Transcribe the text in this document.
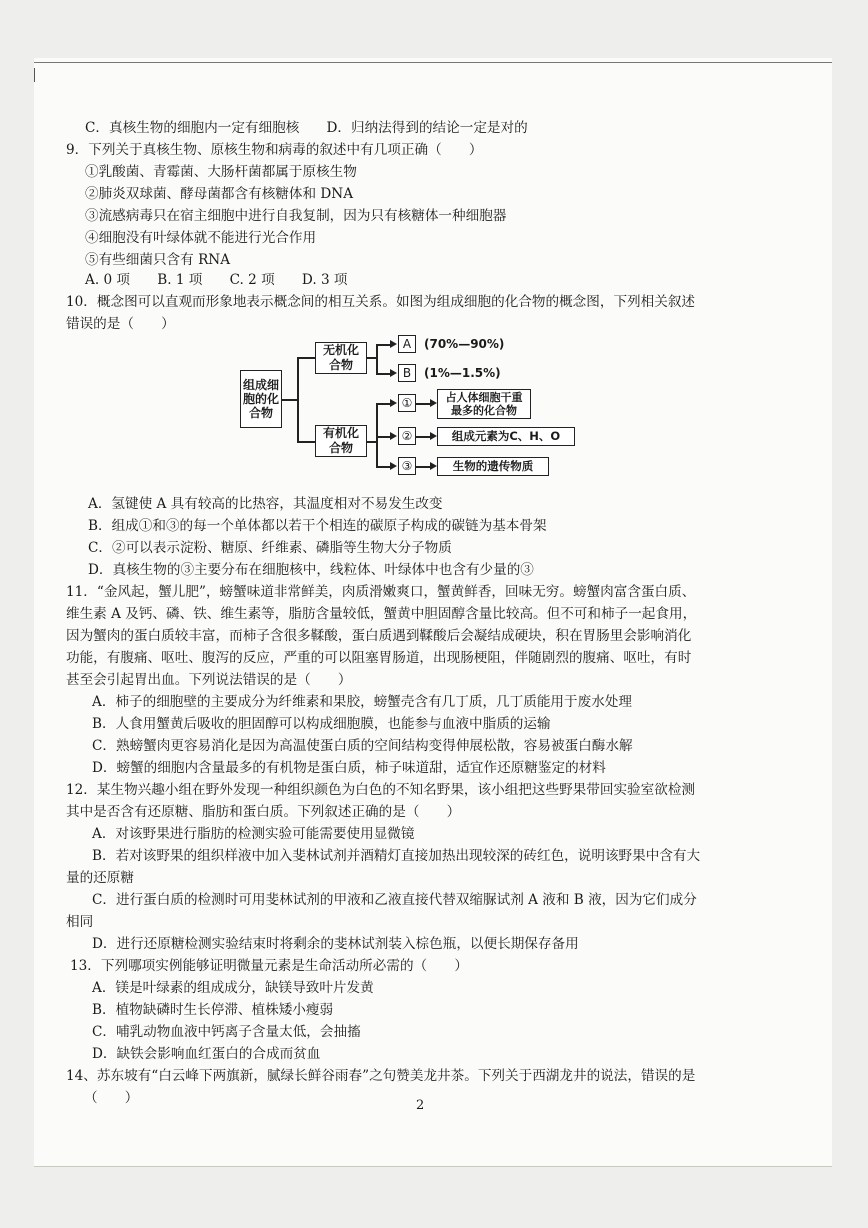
C．真核生物的细胞内一定有细胞核　　D．归纳法得到的结论一定是对的
9．下列关于真核生物、原核生物和病毒的叙述中有几项正确（　　）
①乳酸菌、青霉菌、大肠杆菌都属于原核生物
②肺炎双球菌、酵母菌都含有核糖体和 DNA
③流感病毒只在宿主细胞中进行自我复制，因为只有核糖体一种细胞器
④细胞没有叶绿体就不能进行光合作用
⑤有些细菌只含有 RNA
A. 0 项　　B. 1 项　　C. 2 项　　D. 3 项
10．概念图可以直观而形象地表示概念间的相互关系。如图为组成细胞的化合物的概念图，下列相关叙述
错误的是（　　）
A．氢键使 A 具有较高的比热容，其温度相对不易发生改变
B．组成①和③的每一个单体都以若干个相连的碳原子构成的碳链为基本骨架
C．②可以表示淀粉、糖原、纤维素、磷脂等生物大分子物质
D．真核生物的③主要分布在细胞核中，线粒体、叶绿体中也含有少量的③
11．“金风起，蟹儿肥”，螃蟹味道非常鲜美，肉质滑嫩爽口，蟹黄鲜香，回味无穷。螃蟹肉富含蛋白质、
维生素 A 及钙、磷、铁、维生素等，脂肪含量较低，蟹黄中胆固醇含量比较高。但不可和柿子一起食用，
因为蟹肉的蛋白质较丰富，而柿子含很多鞣酸，蛋白质遇到鞣酸后会凝结成硬块，积在胃肠里会影响消化
功能，有腹痛、呕吐、腹泻的反应，严重的可以阻塞胃肠道，出现肠梗阻，伴随剧烈的腹痛、呕吐，有时
甚至会引起胃出血。下列说法错误的是（　　）
A．柿子的细胞壁的主要成分为纤维素和果胶，螃蟹壳含有几丁质，几丁质能用于废水处理
B．人食用蟹黄后吸收的胆固醇可以构成细胞膜，也能参与血液中脂质的运输
C．熟螃蟹肉更容易消化是因为高温使蛋白质的空间结构变得伸展松散，容易被蛋白酶水解
D．螃蟹的细胞内含量最多的有机物是蛋白质，柿子味道甜，适宜作还原糖鉴定的材料
12．某生物兴趣小组在野外发现一种组织颜色为白色的不知名野果，该小组把这些野果带回实验室欲检测
其中是否含有还原糖、脂肪和蛋白质。下列叙述正确的是（　　）
A．对该野果进行脂肪的检测实验可能需要使用显微镜
B．若对该野果的组织样液中加入斐林试剂并酒精灯直接加热出现较深的砖红色，说明该野果中含有大
量的还原糖
C．进行蛋白质的检测时可用斐林试剂的甲液和乙液直接代替双缩脲试剂 A 液和 B 液，因为它们成分
相同
D．进行还原糖检测实验结束时将剩余的斐林试剂装入棕色瓶，以便长期保存备用
13．下列哪项实例能够证明微量元素是生命活动所必需的（　　）
A．镁是叶绿素的组成成分，缺镁导致叶片发黄
B．植物缺磷时生长停滞、植株矮小瘦弱
C．哺乳动物血液中钙离子含量太低，会抽搐
D．缺铁会影响血红蛋白的合成而贫血
14、苏东坡有“白云峰下两旗新，腻绿长鲜谷雨春”之句赞美龙井茶。下列关于西湖龙井的说法，错误的是
（　　）
组成细胞的化合物
无机化合物
有机化合物
A	(70%—90%)
B	(1%—1.5%)
①
②
③
占人体细胞干重最多的化合物
组成元素为C、H、O
生物的遗传物质
2
